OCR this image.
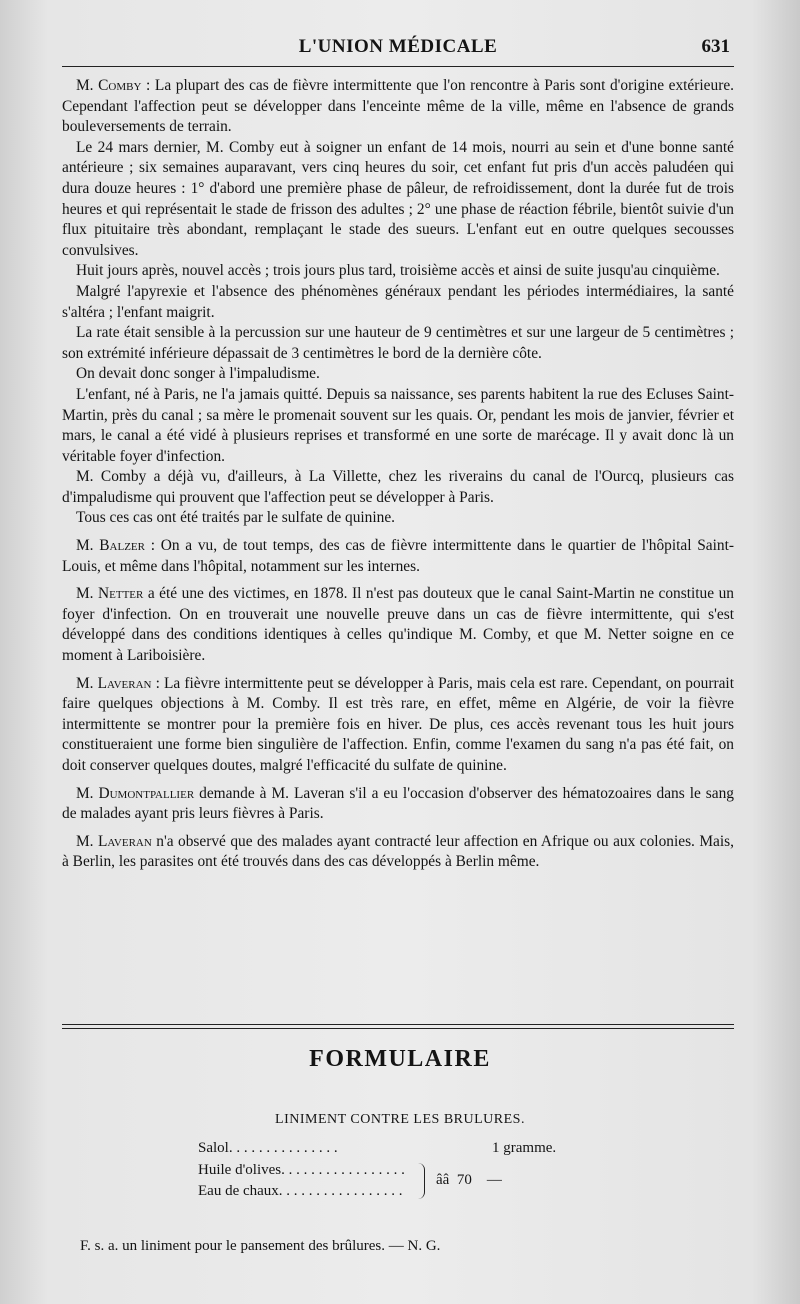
L'UNION MÉDICALE	631

M. Comby : La plupart des cas de fièvre intermittente que l'on rencontre à Paris sont d'origine extérieure. Cependant l'affection peut se développer dans l'enceinte même de la ville, même en l'absence de grands bouleversements de terrain.

Le 24 mars dernier, M. Comby eut à soigner un enfant de 14 mois, nourri au sein et d'une bonne santé antérieure ; six semaines auparavant, vers cinq heures du soir, cet enfant fut pris d'un accès paludéen qui dura douze heures : 1° d'abord une première phase de pâleur, de refroidissement, dont la durée fut de trois heures et qui représentait le stade de frisson des adultes ; 2° une phase de réaction fébrile, bientôt suivie d'un flux pituitaire très abondant, remplaçant le stade des sueurs. L'enfant eut en outre quelques secousses convulsives.

Huit jours après, nouvel accès ; trois jours plus tard, troisième accès et ainsi de suite jusqu'au cinquième.

Malgré l'apyrexie et l'absence des phénomènes généraux pendant les périodes intermédiaires, la santé s'altéra ; l'enfant maigrit.

La rate était sensible à la percussion sur une hauteur de 9 centimètres et sur une largeur de 5 centimètres ; son extrémité inférieure dépassait de 3 centimètres le bord de la dernière côte.

On devait donc songer à l'impaludisme.

L'enfant, né à Paris, ne l'a jamais quitté. Depuis sa naissance, ses parents habitent la rue des Ecluses Saint-Martin, près du canal ; sa mère le promenait souvent sur les quais. Or, pendant les mois de janvier, février et mars, le canal a été vidé à plusieurs reprises et transformé en une sorte de marécage. Il y avait donc là un véritable foyer d'infection.

M. Comby a déjà vu, d'ailleurs, à La Villette, chez les riverains du canal de l'Ourcq, plusieurs cas d'impaludisme qui prouvent que l'affection peut se développer à Paris.

Tous ces cas ont été traités par le sulfate de quinine.

M. Balzer : On a vu, de tout temps, des cas de fièvre intermittente dans le quartier de l'hôpital Saint-Louis, et même dans l'hôpital, notamment sur les internes.

M. Netter a été une des victimes, en 1878. Il n'est pas douteux que le canal Saint-Martin ne constitue un foyer d'infection. On en trouverait une nouvelle preuve dans un cas de fièvre intermittente, qui s'est développé dans des conditions identiques à celles qu'indique M. Comby, et que M. Netter soigne en ce moment à Lariboisière.

M. Laveran : La fièvre intermittente peut se développer à Paris, mais cela est rare. Cependant, on pourrait faire quelques objections à M. Comby. Il est très rare, en effet, même en Algérie, de voir la fièvre intermittente se montrer pour la première fois en hiver. De plus, ces accès revenant tous les huit jours constitueraient une forme bien singulière de l'affection. Enfin, comme l'examen du sang n'a pas été fait, on doit conserver quelques doutes, malgré l'efficacité du sulfate de quinine.

M. Dumontpallier demande à M. Laveran s'il a eu l'occasion d'observer des hématozoaires dans le sang de malades ayant pris leurs fièvres à Paris.

M. Laveran n'a observé que des malades ayant contracté leur affection en Afrique ou aux colonies. Mais, à Berlin, les parasites ont été trouvés dans des cas développés à Berlin même.

FORMULAIRE
LINIMENT CONTRE LES BRULURES.
Salol. . . . . . . . . . . . . . .	1 gramme.
Huile d'olives. . . . . . . . . . . . . . . . .
Eau de chaux. . . . . . . . . . . . . . . . .
ââ  70    —
F. s. a. un liniment pour le pansement des brûlures. — N. G.
